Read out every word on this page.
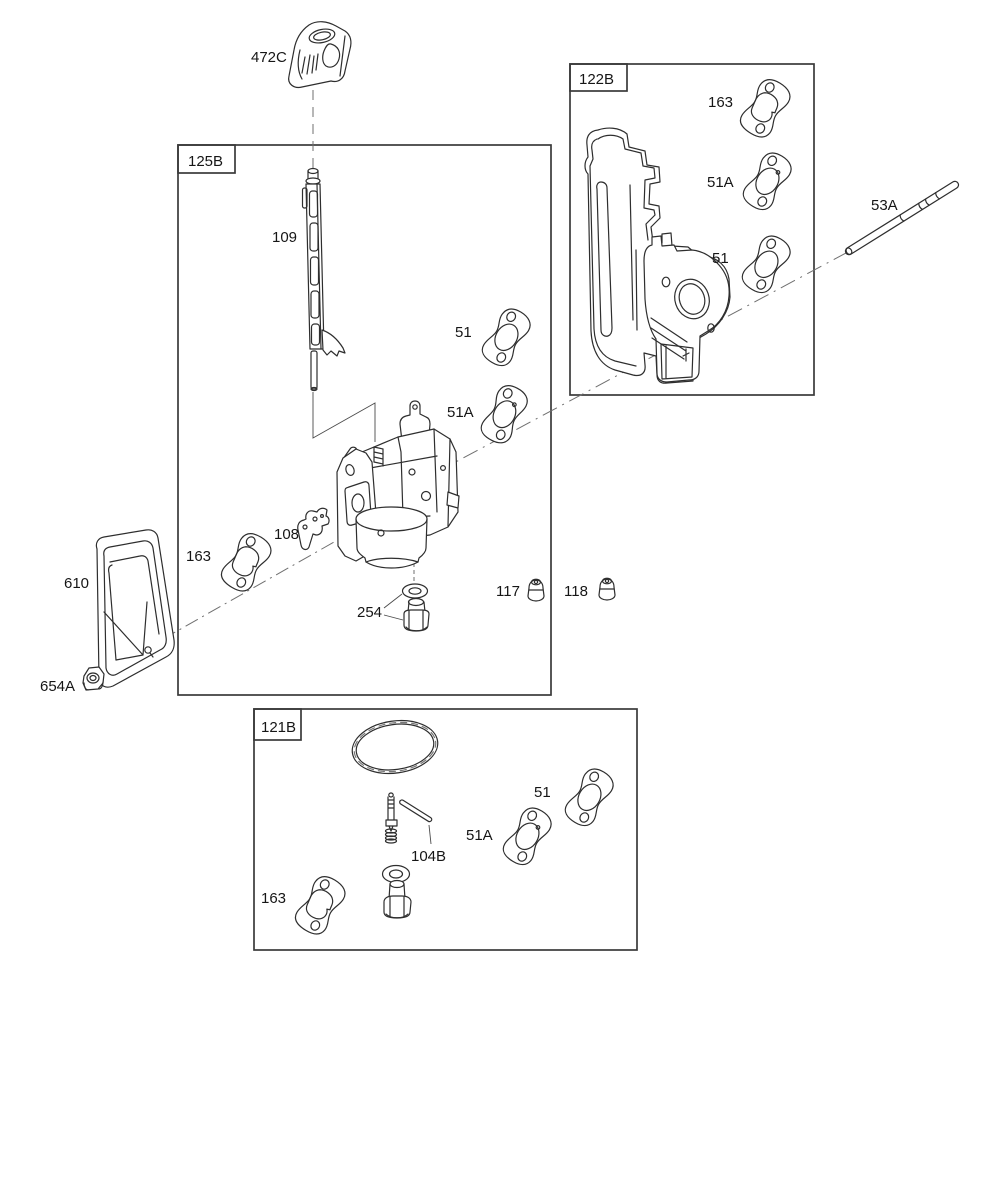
125B
122B
121B
472C
109
51
51A
108
163
610
654A
254
117	118
163
51A
51
53A
163
104B
51A
51
